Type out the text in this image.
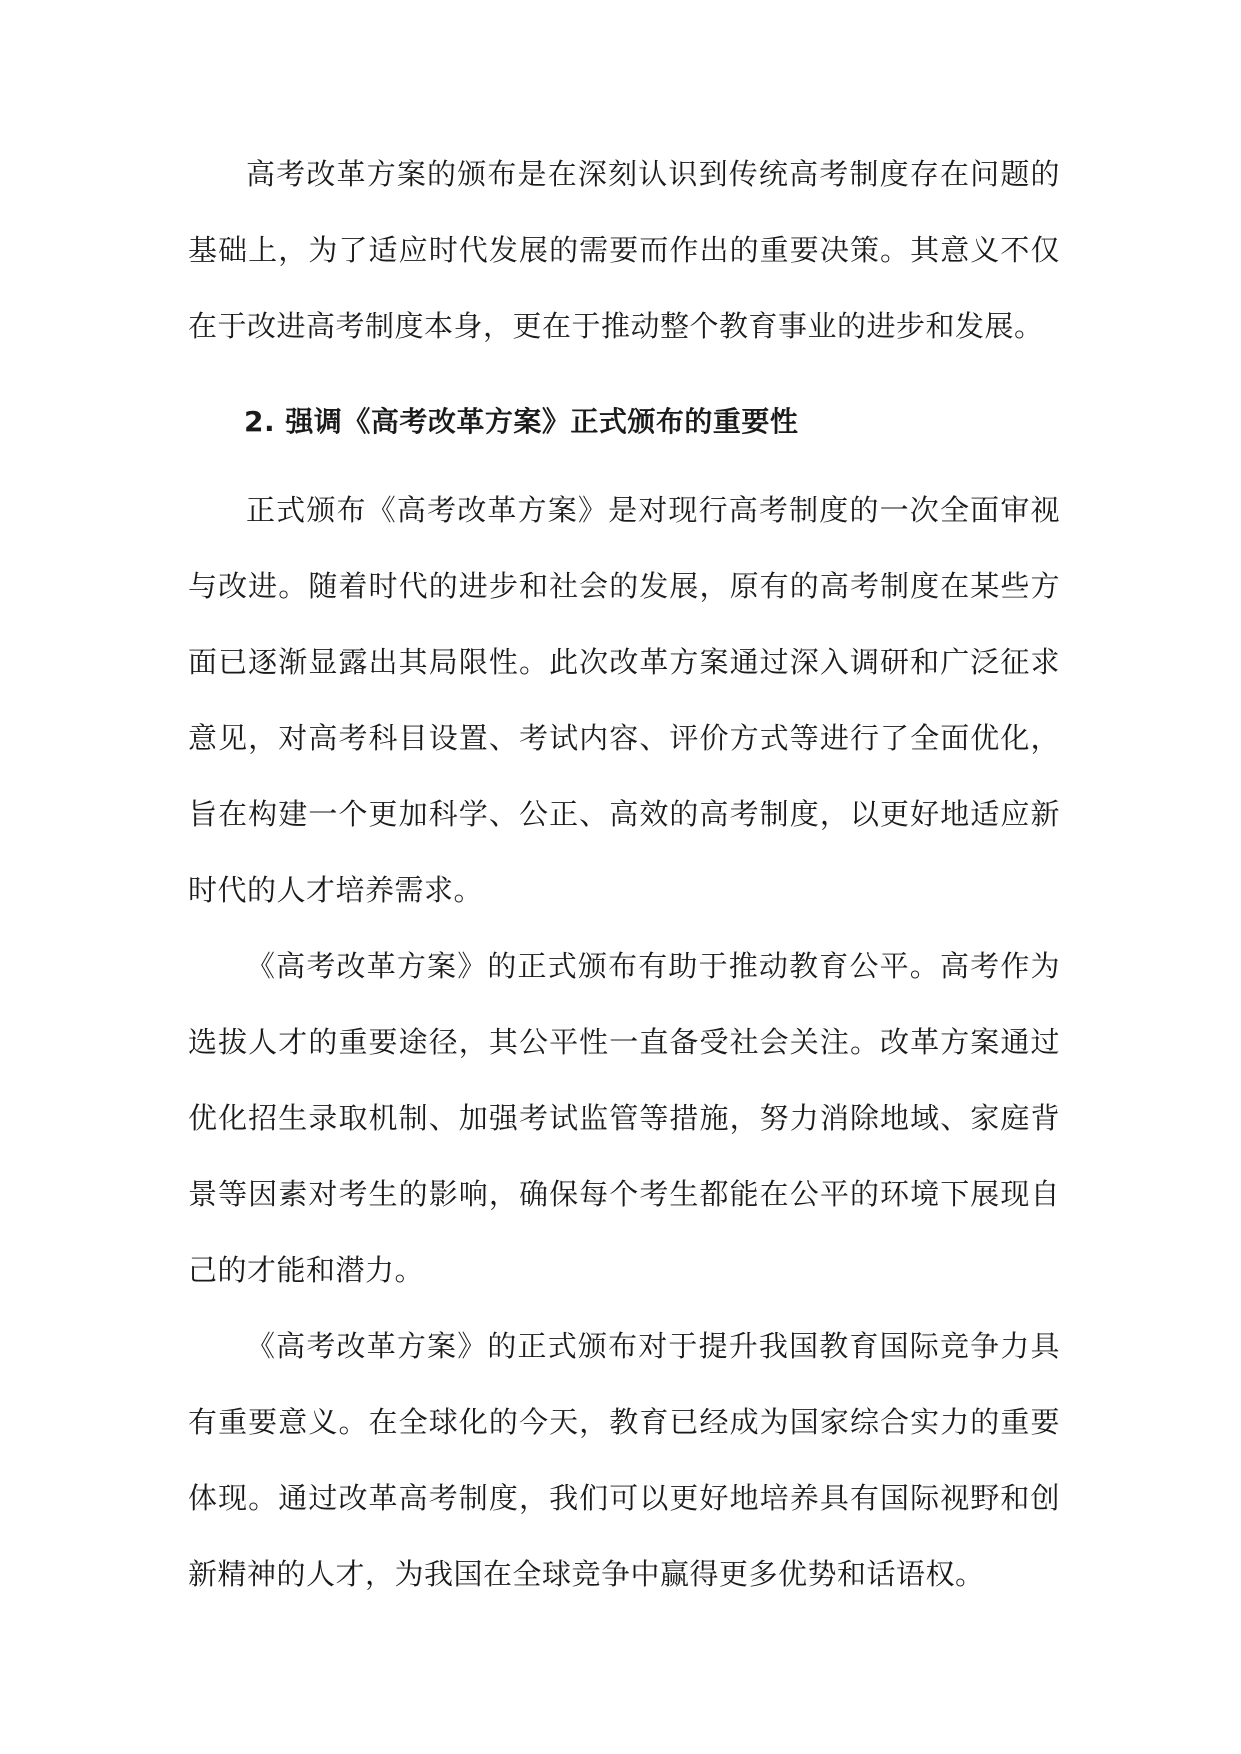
高考改革方案的颁布是在深刻认识到传统高考制度存在问题的基础上，为了适应时代发展的需要而作出的重要决策。其意义不仅在于改进高考制度本身，更在于推动整个教育事业的进步和发展。

2. 强调《高考改革方案》正式颁布的重要性

正式颁布《高考改革方案》是对现行高考制度的一次全面审视与改进。随着时代的进步和社会的发展，原有的高考制度在某些方面已逐渐显露出其局限性。此次改革方案通过深入调研和广泛征求意见，对高考科目设置、考试内容、评价方式等进行了全面优化，旨在构建一个更加科学、公正、高效的高考制度，以更好地适应新时代的人才培养需求。

《高考改革方案》的正式颁布有助于推动教育公平。高考作为选拔人才的重要途径，其公平性一直备受社会关注。改革方案通过优化招生录取机制、加强考试监管等措施，努力消除地域、家庭背景等因素对考生的影响，确保每个考生都能在公平的环境下展现自己的才能和潜力。

《高考改革方案》的正式颁布对于提升我国教育国际竞争力具有重要意义。在全球化的今天，教育已经成为国家综合实力的重要体现。通过改革高考制度，我们可以更好地培养具有国际视野和创新精神的人才，为我国在全球竞争中赢得更多优势和话语权。
